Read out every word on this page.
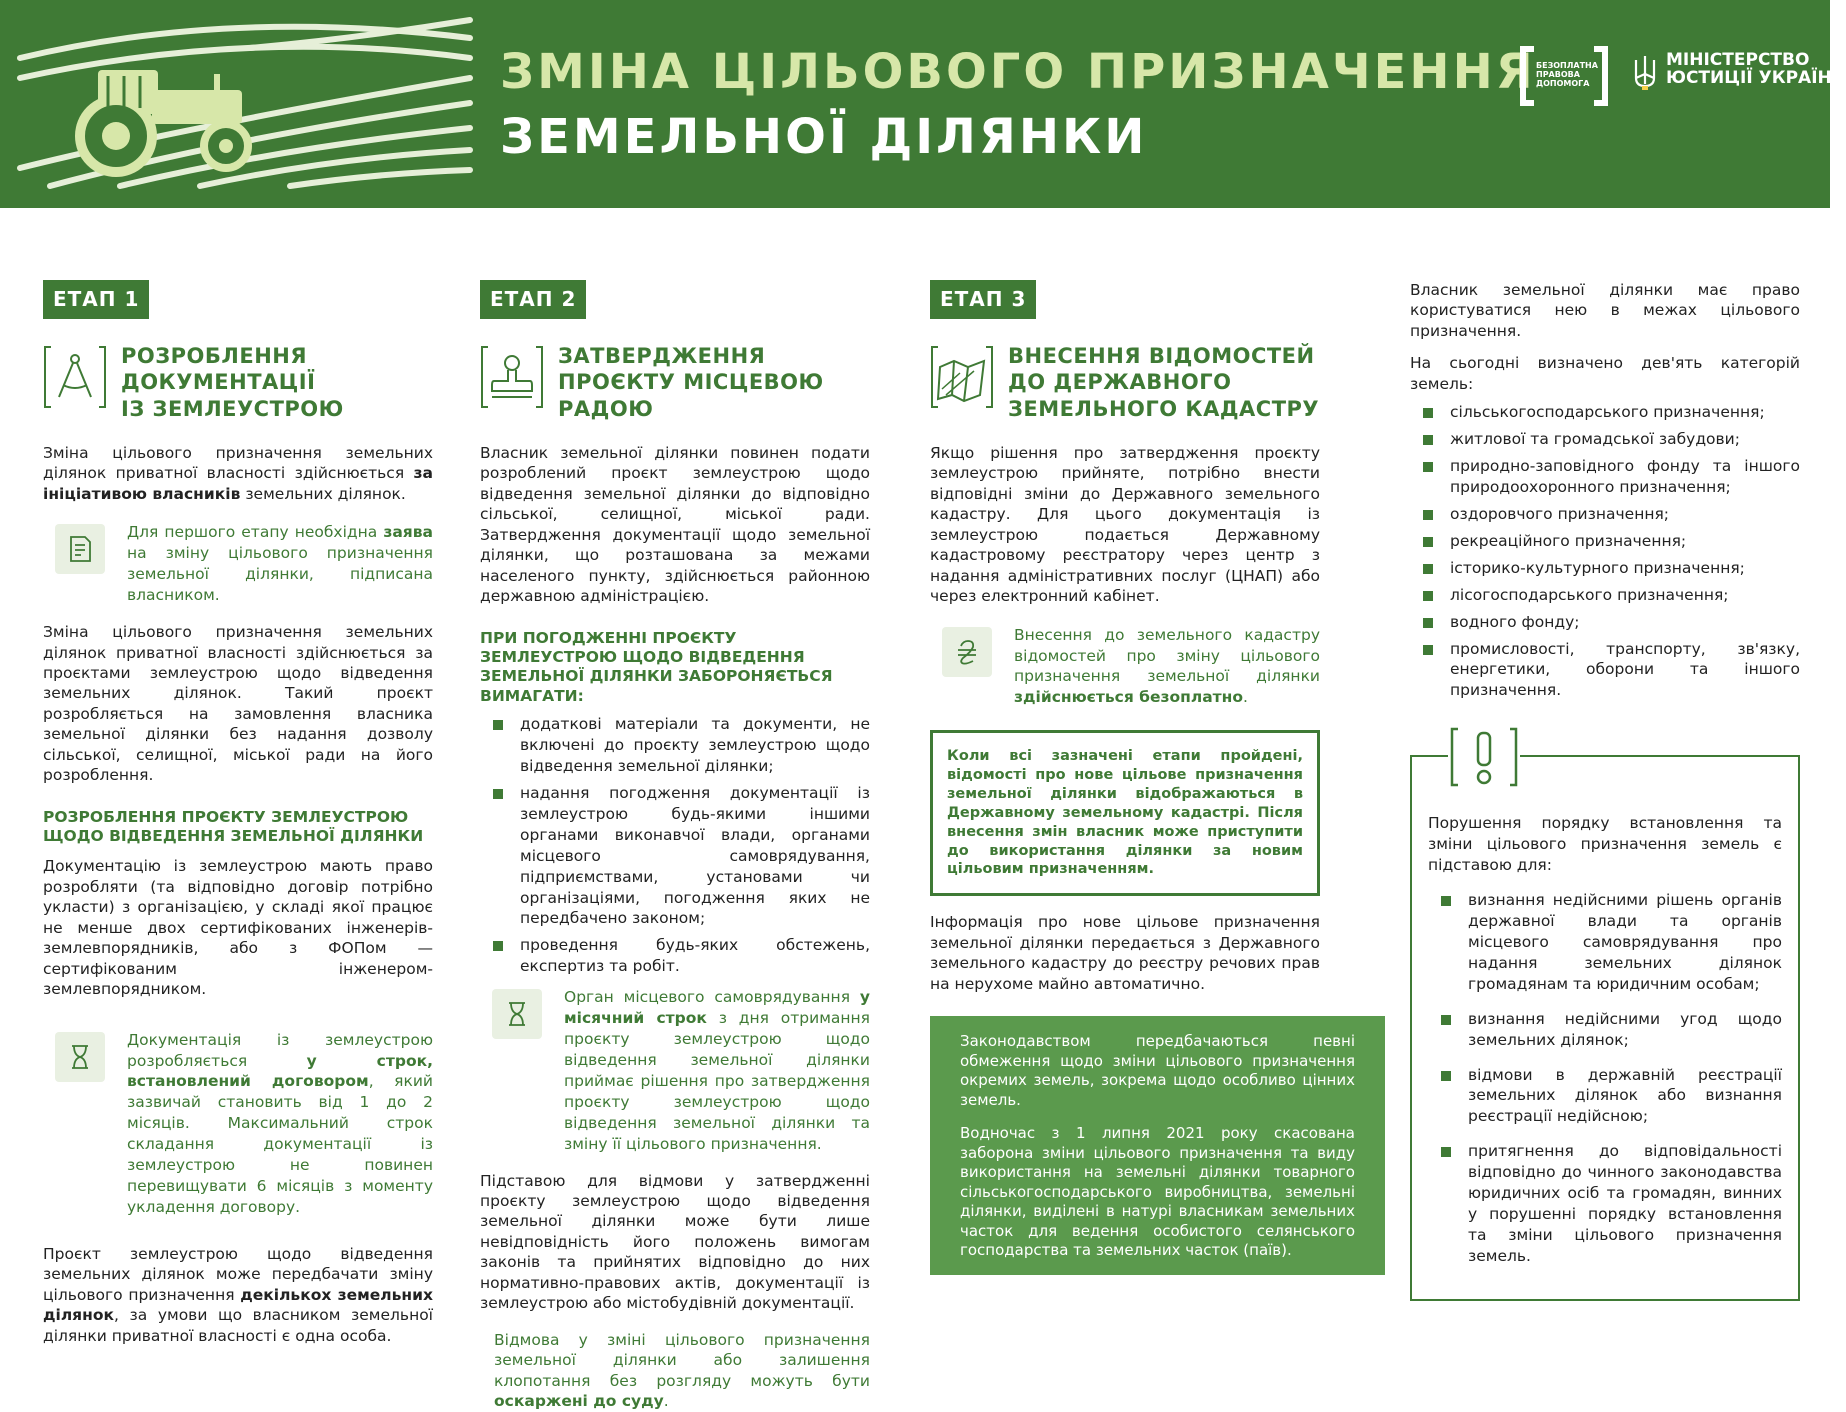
ЗМІНА ЦІЛЬОВОГО ПРИЗНАЧЕННЯ
ЗЕМЕЛЬНОЇ ДІЛЯНКИ
БЕЗОПЛАТНА
ПРАВОВА
ДОПОМОГА
МІНІСТЕРСТВО
ЮСТИЦІЇ УКРАЇНИ
ЕТАП 1
РОЗРОБЛЕННЯ
ДОКУМЕНТАЦІЇ
ІЗ ЗЕМЛЕУСТРОЮ

Зміна цільового призначення земельних ділянок приватної власності здійснюється за ініціативою власників земельних ділянок.

Для першого етапу необхідна заява на зміну цільового призначення земельної ділянки, підписана власником.

Зміна цільового призначення земельних ділянок приватної власності здійснюється за проєктами землеустрою щодо відведення земельних ділянок. Такий проєкт розробляється на замовлення власника земельної ділянки без надання дозволу сільської, селищної, міської ради на його розроблення.

РОЗРОБЛЕННЯ ПРОЄКТУ ЗЕМЛЕУСТРОЮ ЩОДО ВІДВЕДЕННЯ ЗЕМЕЛЬНОЇ ДІЛЯНКИ

Документацію із землеустрою мають право розробляти (та відповідно договір потрібно укласти) з організацією, у складі якої працює не менше двох сертифікованих інженерів-землевпорядників, або з ФОПом — сертифікованим інженером-землевпорядником.

Документація із землеустрою розробляється у строк, встановлений договором, який зазвичай становить від 1 до 2 місяців. Максимальний строк складання документації із землеустрою не повинен перевищувати 6 місяців з моменту укладення договору.

Проєкт землеустрою щодо відведення земельних ділянок може передбачати зміну цільового призначення декількох земельних ділянок, за умови що власником земельної ділянки приватної власності є одна особа.

ЕТАП 2
ЗАТВЕРДЖЕННЯ
ПРОЄКТУ МІСЦЕВОЮ
РАДОЮ

Власник земельної ділянки повинен подати розроблений проєкт землеустрою щодо відведення земельної ділянки до відповідно сільської, селищної, міської ради. Затвердження документації щодо земельної ділянки, що розташована за межами населеного пункту, здійснюється районною державною адміністрацією.

ПРИ ПОГОДЖЕННІ ПРОЄКТУ ЗЕМЛЕУСТРОЮ ЩОДО ВІДВЕДЕННЯ ЗЕМЕЛЬНОЇ ДІЛЯНКИ ЗАБОРОНЯЄТЬСЯ ВИМАГАТИ:
додаткові матеріали та документи, не включені до проєкту землеустрою щодо відведення земельної ділянки;
надання погодження документації із землеустрою будь-якими іншими органами виконавчої влади, органами місцевого самоврядування, підприємствами, установами чи організаціями, погодження яких не передбачено законом;
проведення будь-яких обстежень, експертиз та робіт.
Орган місцевого самоврядування у місячний строк з дня отримання проєкту землеустрою щодо відведення земельної ділянки приймає рішення про затвердження проєкту землеустрою щодо відведення земельної ділянки та зміну її цільового призначення.

Підставою для відмови у затвердженні проєкту землеустрою щодо відведення земельної ділянки може бути лише невідповідність його положень вимогам законів та прийнятих відповідно до них нормативно-правових актів, документації із землеустрою або містобудівній документації.

Відмова у зміні цільового призначення земельної ділянки або залишення клопотання без розгляду можуть бути оскаржені до суду.

ЕТАП 3
ВНЕСЕННЯ ВІДОМОСТЕЙ
ДО ДЕРЖАВНОГО
ЗЕМЕЛЬНОГО КАДАСТРУ

Якщо рішення про затвердження проєкту землеустрою прийняте, потрібно внести відповідні зміни до Державного земельного кадастру. Для цього документація із землеустрою подається Державному кадастровому реєстратору через центр з надання адміністративних послуг (ЦНАП) або через електронний кабінет.

Внесення до земельного кадастру відомостей про зміну цільового призначення земельної ділянки здійснюється безоплатно.
Коли всі зазначені етапи пройдені, відомості про нове цільове призначення земельної ділянки відображаються в Державному земельному кадастрі. Після внесення змін власник може приступити до використання ділянки за новим цільовим призначенням.

Інформація про нове цільове призначення земельної ділянки передається з Державного земельного кадастру до реєстру речових прав на нерухоме майно автоматично.

Законодавством передбачаються певні обмеження щодо зміни цільового призначення окремих земель, зокрема щодо особливо цінних земель.

Водночас з 1 липня 2021 року скасована заборона зміни цільового призначення та виду використання на земельні ділянки товарного сільськогосподарського виробництва, земельні ділянки, виділені в натурі власникам земельних часток для ведення особистого селянського господарства та земельних часток (паїв).

Власник земельної ділянки має право користуватися нею в межах цільового призначення.

На сьогодні визначено дев'ять категорій земель:

сільськогосподарського призначення;
житлової та громадської забудови;
природно-заповідного фонду та іншого природоохоронного призначення;
оздоровчого призначення;
рекреаційного призначення;
історико-культурного призначення;
лісогосподарського призначення;
водного фонду;
промисловості, транспорту, зв'язку, енергетики, оборони та іншого призначення.

Порушення порядку встановлення та зміни цільового призначення земель є підставою для:

визнання недійсними рішень органів державної влади та органів місцевого самоврядування про надання земельних ділянок громадянам та юридичним особам;
визнання недійсними угод щодо земельних ділянок;
відмови в державній реєстрації земельних ділянок або визнання реєстрації недійсною;
притягнення до відповідальності відповідно до чинного законодавства юридичних осіб та громадян, винних у порушенні порядку встановлення та зміни цільового призначення земель.
